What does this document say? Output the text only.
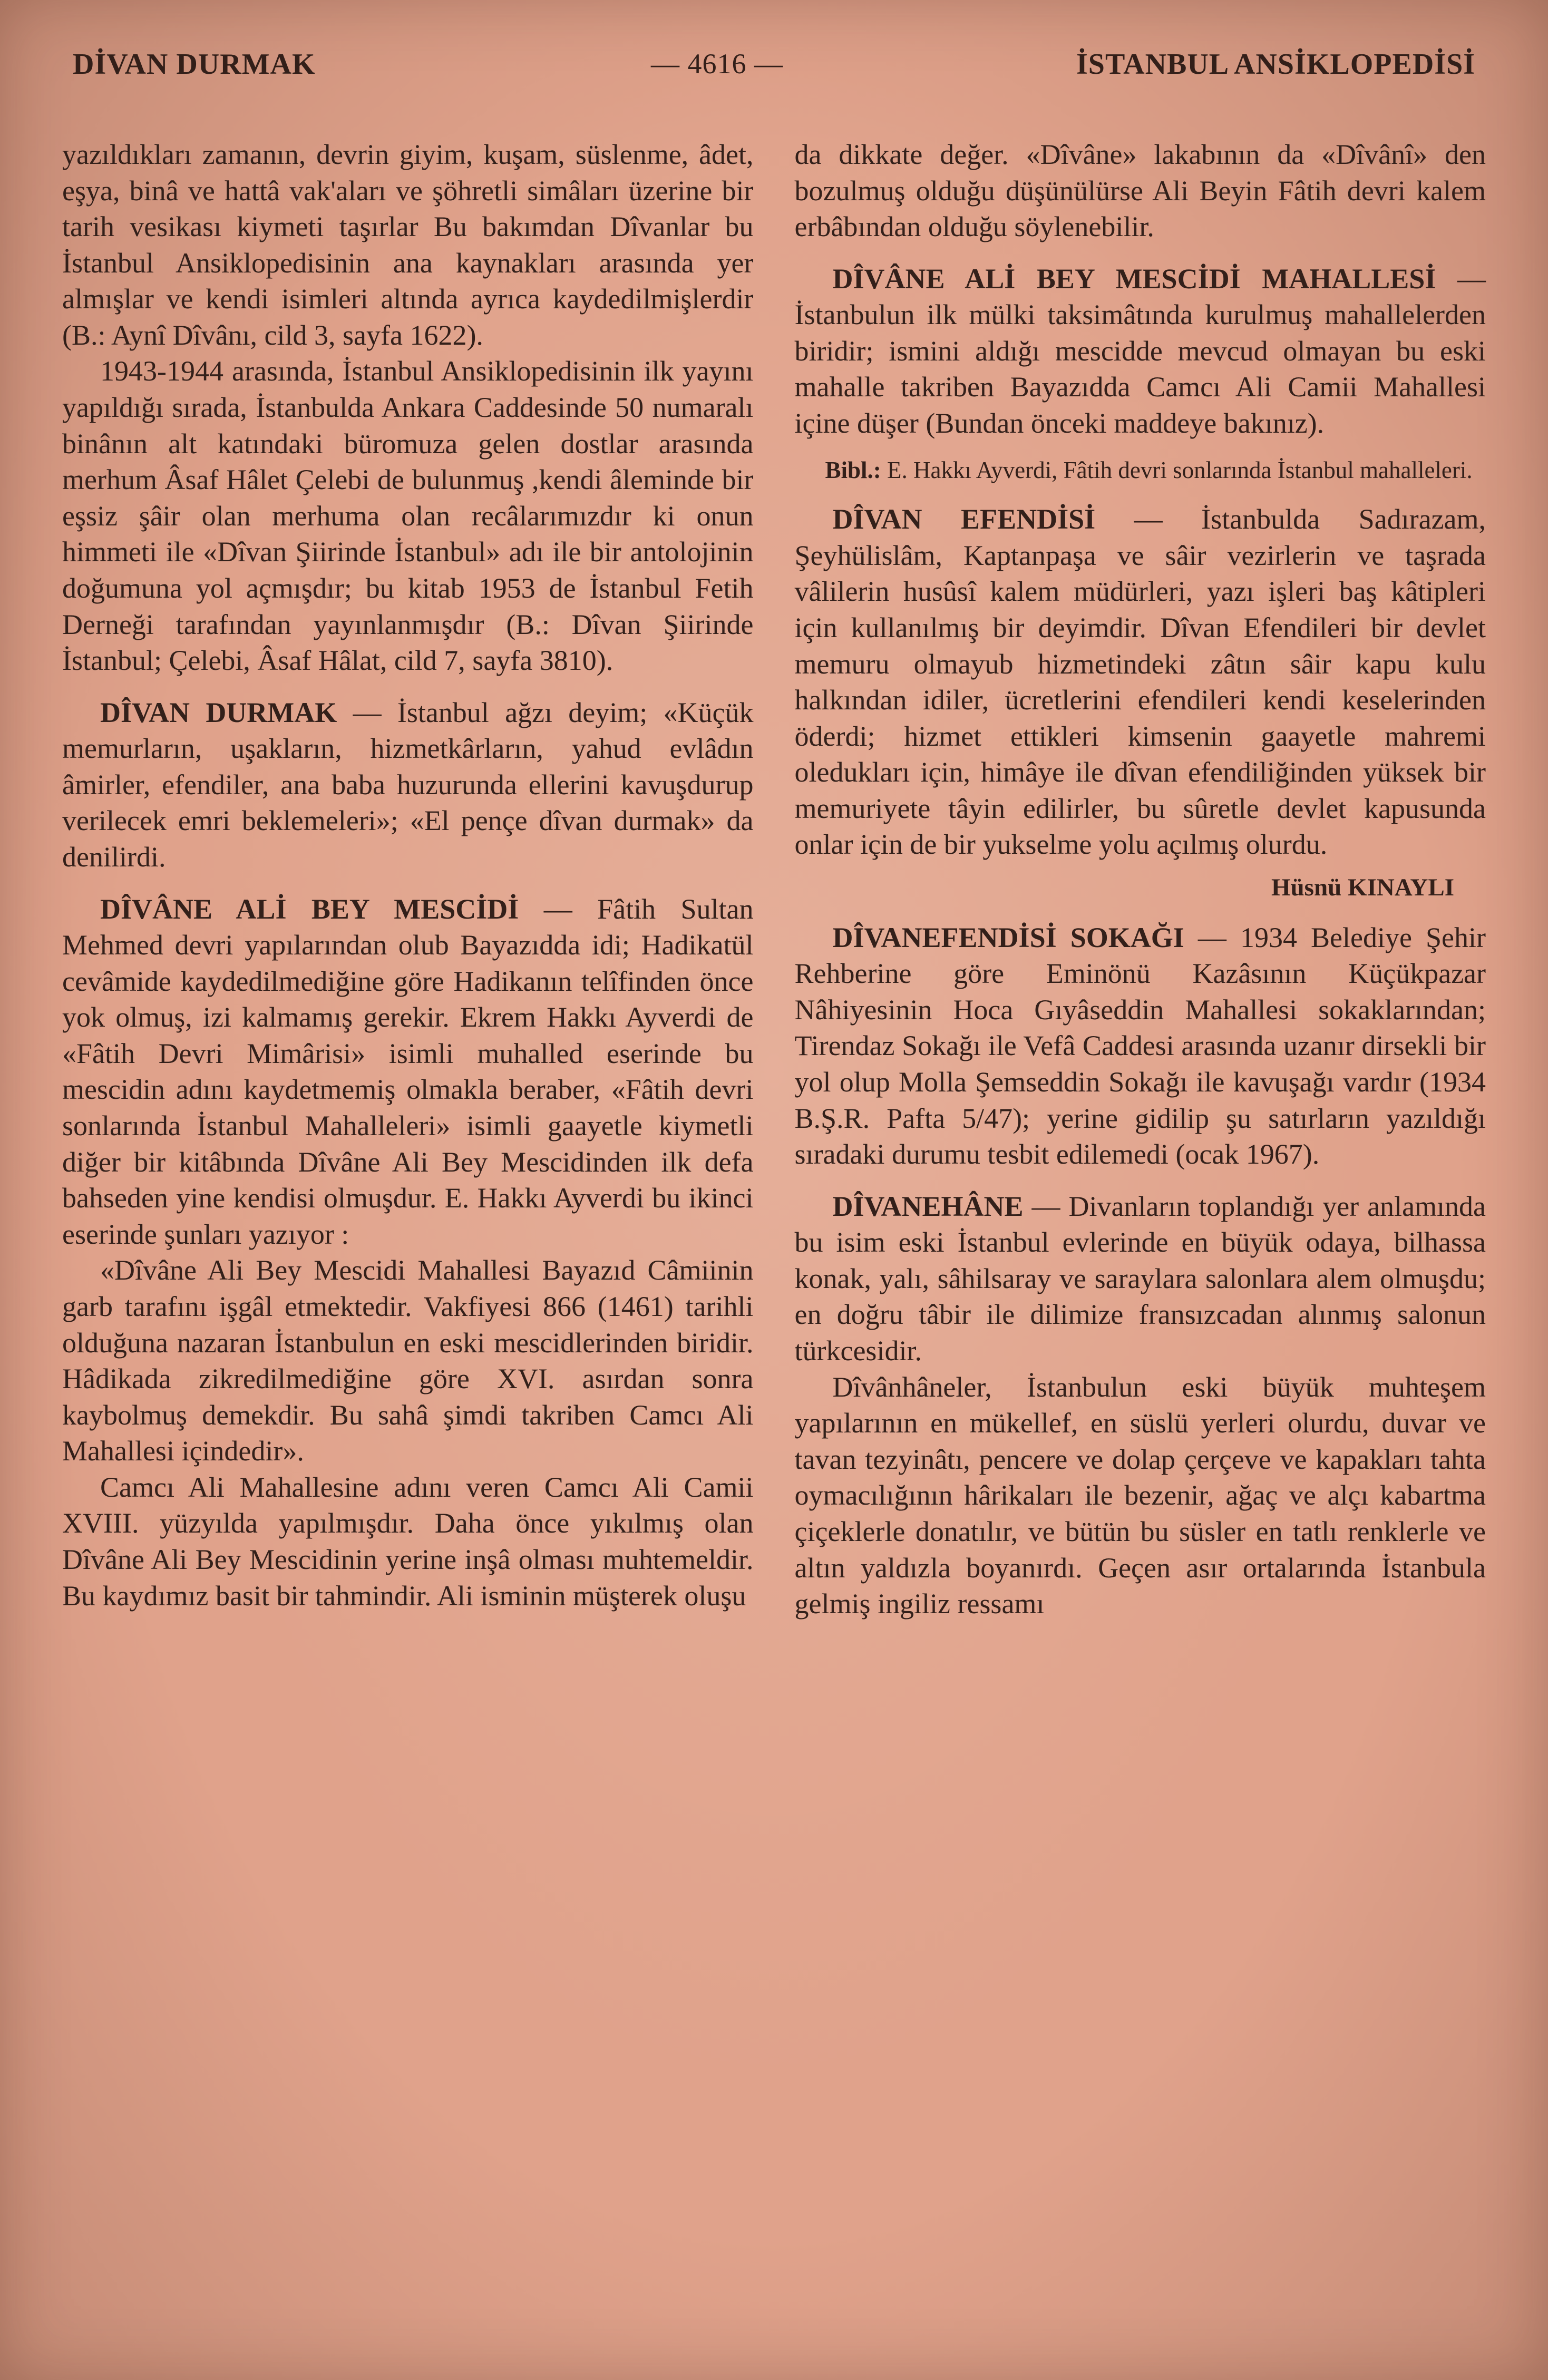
DİVAN DURMAK	— 4616 —	İSTANBUL ANSİKLOPEDİSİ

yazıldıkları zamanın, devrin giyim, kuşam, süslenme, âdet, eşya, binâ ve hattâ vak'aları ve şöhretli simâları üzerine bir tarih vesikası kiymeti taşırlar Bu bakımdan Dîvanlar bu İstanbul Ansiklopedisinin ana kaynakları arasında yer almışlar ve kendi isimleri altında ayrıca kaydedilmişlerdir (B.: Aynî Dîvânı, cild 3, sayfa 1622).

1943-1944 arasında, İstanbul Ansiklopedisinin ilk yayını yapıldığı sırada, İstanbulda Ankara Caddesinde 50 numaralı binânın alt katındaki büromuza gelen dostlar arasında merhum Âsaf Hâlet Çelebi de bulunmuş ,kendi âleminde bir eşsiz şâir olan merhuma olan recâlarımızdır ki onun himmeti ile «Dîvan Şiirinde İstanbul» adı ile bir antolojinin doğumuna yol açmışdır; bu kitab 1953 de İstanbul Fetih Derneği tarafından yayınlanmışdır (B.: Dîvan Şiirinde İstanbul; Çelebi, Âsaf Hâlat, cild 7, sayfa 3810).

DÎVAN DURMAK — İstanbul ağzı deyim; «Küçük memurların, uşakların, hizmetkârların, yahud evlâdın âmirler, efendiler, ana baba huzurunda ellerini kavuşdurup verilecek emri beklemeleri»; «El pençe dîvan durmak» da denilirdi.

DÎVÂNE ALİ BEY MESCİDİ — Fâtih Sultan Mehmed devri yapılarından olub Bayazıdda idi; Hadikatül cevâmide kaydedilmediğine göre Hadikanın telîfinden önce yok olmuş, izi kalmamış gerekir. Ekrem Hakkı Ayverdi de «Fâtih Devri Mimârisi» isimli muhalled eserinde bu mescidin adını kaydetmemiş olmakla beraber, «Fâtih devri sonlarında İstanbul Mahalleleri» isimli gaayetle kiymetli diğer bir kitâbında Dîvâne Ali Bey Mescidinden ilk defa bahseden yine kendisi olmuşdur. E. Hakkı Ayverdi bu ikinci eserinde şunları yazıyor :

«Dîvâne Ali Bey Mescidi Mahallesi Bayazıd Câmiinin garb tarafını işgâl etmektedir. Vakfiyesi 866 (1461) tarihli olduğuna nazaran İstanbulun en eski mescidlerinden biridir. Hâdikada zikredilmediğine göre XVI. asırdan sonra kaybolmuş demekdir. Bu sahâ şimdi takriben Camcı Ali Mahallesi içindedir».

Camcı Ali Mahallesine adını veren Camcı Ali Camii XVIII. yüzyılda yapılmışdır. Daha önce yıkılmış olan Dîvâne Ali Bey Mescidinin yerine inşâ olması muhtemeldir. Bu kaydımız basit bir tahmindir. Ali isminin müşterek oluşu

da dikkate değer. «Dîvâne» lakabının da «Dîvânî» den bozulmuş olduğu düşünülürse Ali Beyin Fâtih devri kalem erbâbından olduğu söylenebilir.

DÎVÂNE ALİ BEY MESCİDİ MAHALLESİ — İstanbulun ilk mülki taksimâtında kurulmuş mahallelerden biridir; ismini aldığı mescidde mevcud olmayan bu eski mahalle takriben Bayazıdda Camcı Ali Camii Mahallesi içine düşer (Bundan önceki maddeye bakınız).

Bibl.: E. Hakkı Ayverdi, Fâtih devri sonlarında İstanbul mahalleleri.

DÎVAN EFENDİSİ — İstanbulda Sadırazam, Şeyhülislâm, Kaptanpaşa ve sâir vezirlerin ve taşrada vâlilerin husûsî kalem müdürleri, yazı işleri baş kâtipleri için kullanılmış bir deyimdir. Dîvan Efendileri bir devlet memuru olmayub hizmetindeki zâtın sâir kapu kulu halkından idiler, ücretlerini efendileri kendi keselerinden öderdi; hizmet ettikleri kimsenin gaayetle mahremi oledukları için, himâye ile dîvan efendiliğinden yüksek bir memuriyete tâyin edilirler, bu sûretle devlet kapusunda onlar için de bir yukselme yolu açılmış olurdu.

Hüsnü KINAYLI

DÎVANEFENDİSİ SOKAĞI — 1934 Belediye Şehir Rehberine göre Eminönü Kazâsının Küçükpazar Nâhiyesinin Hoca Gıyâseddin Mahallesi sokaklarından; Tirendaz Sokağı ile Vefâ Caddesi arasında uzanır dirsekli bir yol olup Molla Şemseddin Sokağı ile kavuşağı vardır (1934 B.Ş.R. Pafta 5/47); yerine gidilip şu satırların yazıldığı sıradaki durumu tesbit edilemedi (ocak 1967).

DÎVANEHÂNE — Divanların toplandığı yer anlamında bu isim eski İstanbul evlerinde en büyük odaya, bilhassa konak, yalı, sâhilsaray ve saraylara salonlara alem olmuşdu; en doğru tâbir ile dilimize fransızcadan alınmış salonun türkcesidir.

Dîvânhâneler, İstanbulun eski büyük muhteşem yapılarının en mükellef, en süslü yerleri olurdu, duvar ve tavan tezyinâtı, pencere ve dolap çerçeve ve kapakları tahta oymacılığının hârikaları ile bezenir, ağaç ve alçı kabartma çiçeklerle donatılır, ve bütün bu süsler en tatlı renklerle ve altın yaldızla boyanırdı. Geçen asır ortalarında İstanbula gelmiş ingiliz ressamı
